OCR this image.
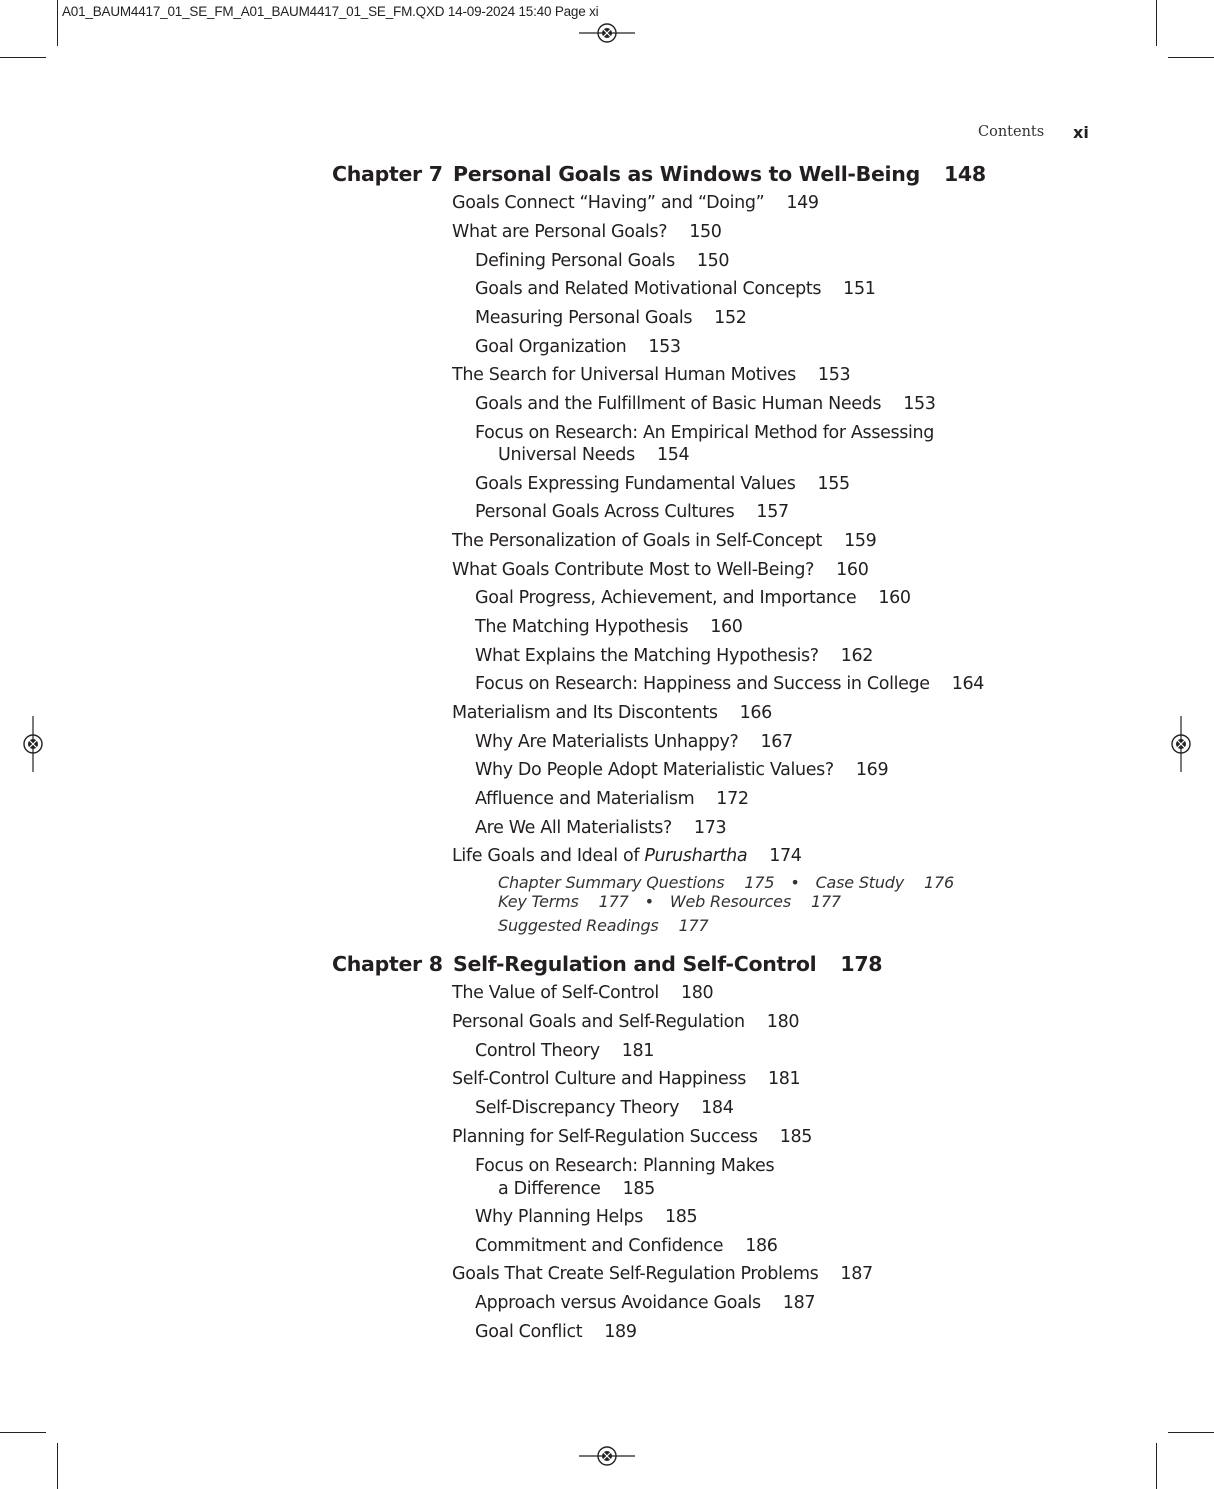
A01_BAUM4417_01_SE_FM_A01_BAUM4417_01_SE_FM.QXD 14-09-2024 15:40 Page xi
Contents xi
Chapter 7 Personal Goals as Windows to Well-Being 148
Goals Connect “Having” and “Doing” 149
What are Personal Goals? 150
Defining Personal Goals 150
Goals and Related Motivational Concepts 151
Measuring Personal Goals 152
Goal Organization 153
The Search for Universal Human Motives 153
Goals and the Fulfillment of Basic Human Needs 153
Focus on Research: An Empirical Method for Assessing
Universal Needs 154
Goals Expressing Fundamental Values 155
Personal Goals Across Cultures 157
The Personalization of Goals in Self-Concept 159
What Goals Contribute Most to Well-Being? 160
Goal Progress, Achievement, and Importance 160
The Matching Hypothesis 160
What Explains the Matching Hypothesis? 162
Focus on Research: Happiness and Success in College 164
Materialism and Its Discontents 166
Why Are Materialists Unhappy? 167
Why Do People Adopt Materialistic Values? 169
Affluence and Materialism 172
Are We All Materialists? 173
Life Goals and Ideal of Purushartha 174
Chapter Summary Questions 175 • Case Study 176
Key Terms 177 • Web Resources 177
Suggested Readings 177
Chapter 8 Self-Regulation and Self-Control 178
The Value of Self-Control 180
Personal Goals and Self-Regulation 180
Control Theory 181
Self-Control Culture and Happiness 181
Self-Discrepancy Theory 184
Planning for Self-Regulation Success 185
Focus on Research: Planning Makes
a Difference 185
Why Planning Helps 185
Commitment and Confidence 186
Goals That Create Self-Regulation Problems 187
Approach versus Avoidance Goals 187
Goal Conflict 189
